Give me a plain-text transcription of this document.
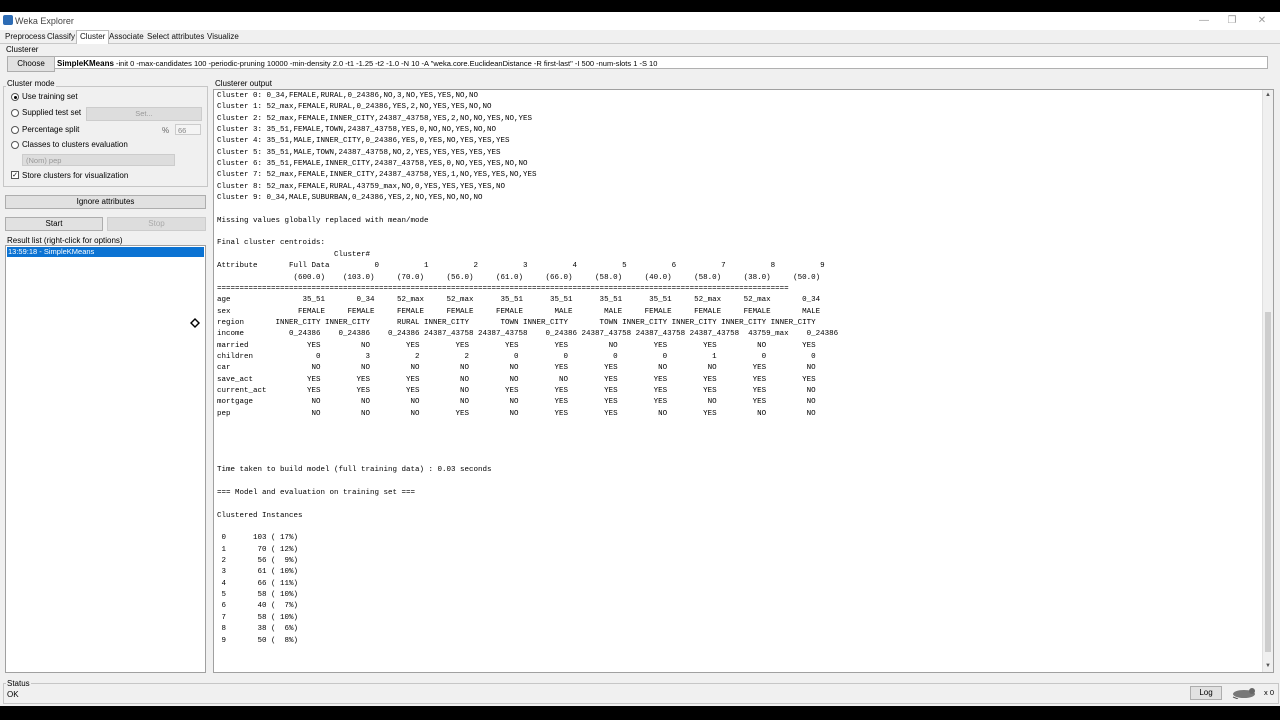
Weka Explorer	—	❐	✕
Preprocess Classify Cluster Associate Select attributes Visualize
Clusterer
Choose	SimpleKMeans -init 0 -max-candidates 100 -periodic-pruning 10000 -min-density 2.0 -t1 -1.25 -t2 -1.0 -N 10 -A "weka.core.EuclideanDistance -R first-last" -I 500 -num-slots 1 -S 10
Cluster mode
Use training set
Supplied test set	Set...
Percentage split	%	66
Classes to clusters evaluation
(Nom) pep
✓ Store clusters for visualization
Ignore attributes
Start	Stop
Result list (right-click for options)
13:59:18 - SimpleKMeans
Clusterer output
Cluster 0: 0_34,FEMALE,RURAL,0_24386,NO,3,NO,YES,YES,NO,NO
Cluster 1: 52_max,FEMALE,RURAL,0_24386,YES,2,NO,YES,YES,NO,NO
Cluster 2: 52_max,FEMALE,INNER_CITY,24387_43758,YES,2,NO,NO,YES,NO,YES
Cluster 3: 35_51,FEMALE,TOWN,24387_43758,YES,0,NO,NO,YES,NO,NO
Cluster 4: 35_51,MALE,INNER_CITY,0_24386,YES,0,YES,NO,YES,YES,YES
Cluster 5: 35_51,MALE,TOWN,24387_43758,NO,2,YES,YES,YES,YES,YES
Cluster 6: 35_51,FEMALE,INNER_CITY,24387_43758,YES,0,NO,YES,YES,NO,NO
Cluster 7: 52_max,FEMALE,INNER_CITY,24387_43758,YES,1,NO,YES,YES,NO,YES
Cluster 8: 52_max,FEMALE,RURAL,43759_max,NO,0,YES,YES,YES,YES,NO
Cluster 9: 0_34,MALE,SUBURBAN,0_24386,YES,2,NO,YES,NO,NO,NO

Missing values globally replaced with mean/mode

Final cluster centroids:
Cluster#
Attribute       Full Data          0          1          2          3          4          5          6          7          8          9
(600.0)    (103.0)     (70.0)     (56.0)     (61.0)     (66.0)     (58.0)     (40.0)     (58.0)     (38.0)     (50.0)
===============================================================================================================================
age                35_51       0_34     52_max     52_max      35_51      35_51      35_51      35_51     52_max     52_max       0_34
sex               FEMALE     FEMALE     FEMALE     FEMALE     FEMALE       MALE       MALE     FEMALE     FEMALE     FEMALE       MALE
region       INNER_CITY INNER_CITY      RURAL INNER_CITY       TOWN INNER_CITY       TOWN INNER_CITY INNER_CITY INNER_CITY INNER_CITY
income          0_24386    0_24386    0_24386 24387_43758 24387_43758    0_24386 24387_43758 24387_43758 24387_43758  43759_max    0_24386
married             YES         NO        YES        YES        YES        YES         NO        YES        YES         NO        YES
children              0          3          2          2          0          0          0          0          1          0          0
car                  NO         NO         NO         NO         NO        YES        YES         NO         NO        YES         NO
save_act            YES        YES        YES         NO         NO         NO        YES        YES        YES        YES        YES
current_act         YES        YES        YES         NO        YES        YES        YES        YES        YES        YES         NO
mortgage             NO         NO         NO         NO         NO        YES        YES        YES         NO        YES         NO
pep                  NO         NO         NO        YES         NO        YES        YES         NO        YES         NO         NO

Time taken to build model (full training data) : 0.03 seconds

=== Model and evaluation on training set ===

Clustered Instances

0      103 ( 17%)
1       70 ( 12%)
2       56 (  9%)
3       61 ( 10%)
4       66 ( 11%)
5       58 ( 10%)
6       40 (  7%)
7       58 ( 10%)
8       38 (  6%)
9       50 (  8%)

▲
▼
Status
OK	Log	x 0
